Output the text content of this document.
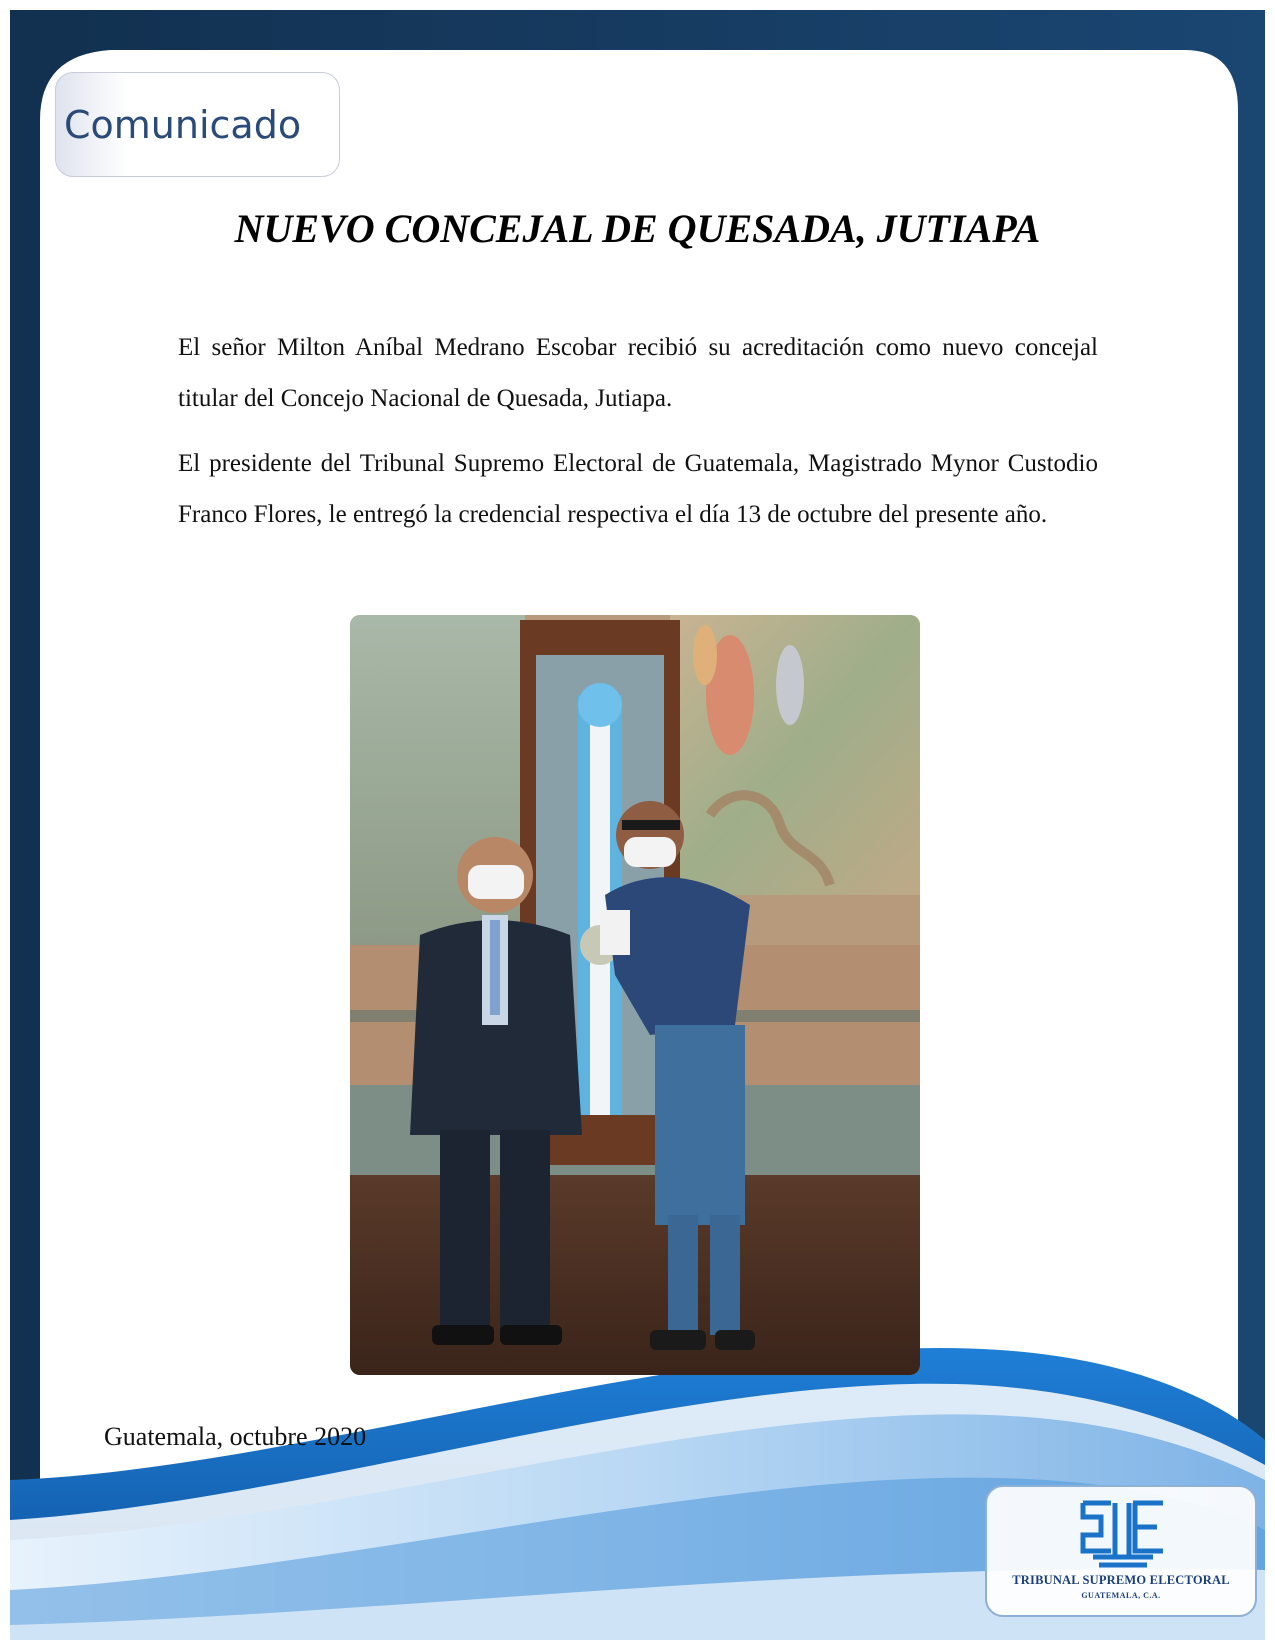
Comunicado
NUEVO CONCEJAL DE QUESADA, JUTIAPA

El señor Milton Aníbal Medrano Escobar recibió su acreditación como nuevo concejal titular del Concejo Nacional de Quesada, Jutiapa.

El presidente del Tribunal Supremo Electoral de Guatemala, Magistrado Mynor Custodio Franco Flores, le entregó la credencial respectiva el día 13 de octubre del presente año.

Guatemala, octubre 2020

TRIBUNAL SUPREMO ELECTORAL
GUATEMALA, C.A.
